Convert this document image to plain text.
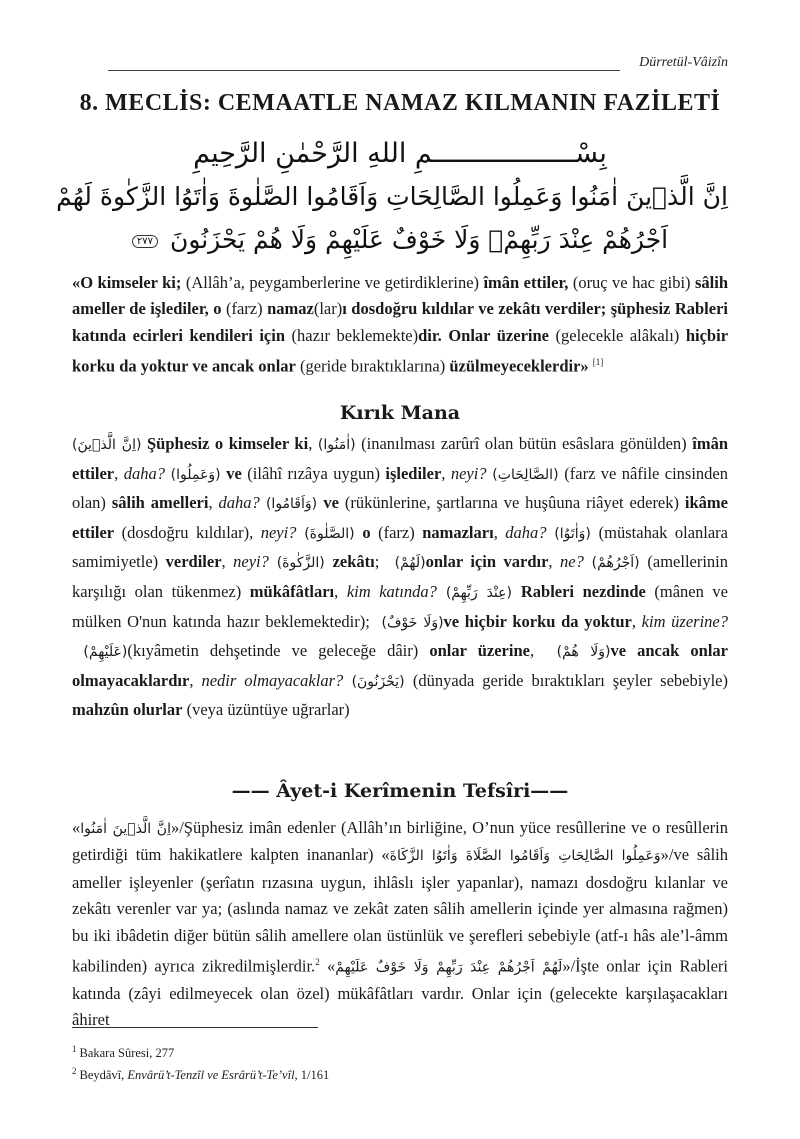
Dürretül-Vâizîn
8. MECLİS: CEMAATLE NAMAZ KILMANIN FAZİLETİ
بِسْــــــــــــــــــمِ اللهِ الرَّحْمٰنِ الرَّحِيمِ
اِنَّ الَّذ۪ينَ اٰمَنُوا وَعَمِلُوا الصَّالِحَاتِ وَاَقَامُوا الصَّلٰوةَ وَاٰتَوُا الزَّكٰوةَ لَهُمْ
اَجْرُهُمْ عِنْدَ رَبِّهِمْۚ وَلَا خَوْفٌ عَلَيْهِمْ وَلَا هُمْ يَحْزَنُونَ ٢٧٧
«O kimseler ki; (Allâh’a, peygamberlerine ve getirdiklerine) îmân ettiler, (oruç ve hac gibi) sâlih ameller de işlediler, o (farz) namaz(lar)ı dosdoğru kıldılar ve zekâtı verdiler; şüphesiz Rableri katında ecirleri kendileri için (hazır beklemekte)dir. Onlar üzerine (gelecekle alâkalı) hiçbir korku da yoktur ve ancak onlar (geride bıraktıklarına) üzülmeyeceklerdir» [1]
Kırık Mana
(اِنَّ الَّذ۪ينَ) Şüphesiz o kimseler ki, (اٰمَنُوا) (inanılması zarûrî olan bütün esâslara gönülden) îmân ettiler, daha? (وَعَمِلُوا) ve (ilâhî rızâya uygun) işlediler, neyi? (الصَّالِحَاتِ) (farz ve nâfile cinsinden olan) sâlih amelleri, daha? (وَاَقَامُوا) ve (rükünlerine, şartlarına ve huşûuna riâyet ederek) ikâme ettiler (dosdoğru kıldılar), neyi? (الصَّلٰوةَ) o (farz) namazları, daha? (وَاٰتَوُا) (müstahak olanlara samimiyetle) verdiler, neyi? (الزَّكٰوةَ) zekâtı; (لَهُمْ) onlar için vardır, ne? (اَجْرُهُمْ) (amellerinin karşılığı olan tükenmez) mükâfâtları, kim katında? (عِنْدَ رَبِّهِمْ) Rableri nezdinde (mânen ve mülken O'nun katında hazır beklemektedir); (وَلَا خَوْفٌ) ve hiçbir korku da yoktur, kim üzerine? (عَلَيْهِمْ) (kıyâmetin dehşetinde ve geleceğe dâir) onlar üzerine, (وَلَا هُمْ) ve ancak onlar olmayacaklardır, nedir olmayacaklar? (يَحْزَنُونَ) (dünyada geride bıraktıkları şeyler sebebiyle) mahzûn olurlar (veya üzüntüye uğrarlar)
—— Âyet-i Kerîmenin Tefsîri——
«اِنَّ الَّذ۪ينَ اٰمَنُوا»/Şüphesiz imân edenler (Allâh’ın birliğine, O’nun yüce resûllerine ve o resûllerin getirdiği tüm hakikatlere kalpten inananlar) «وَعَمِلُوا الصَّالِحَاتِ وَاَقَامُوا الصَّلَاةَ وَاٰتَوُا الزَّكَاةَ»/ve sâlih ameller işleyenler (şerîatın rızasına uygun, ihlâslı işler yapanlar), namazı dosdoğru kılanlar ve zekâtı verenler var ya; (aslında namaz ve zekât zaten sâlih amellerin içinde yer almasına rağmen) bu iki ibâdetin diğer bütün sâlih amellere olan üstünlük ve şerefleri sebebiyle (atf-ı hâs ale’l-âmm kabilinden) ayrıca zikredilmişlerdir.$^2$ «لَهُمْ اَجْرُهُمْ عِنْدَ رَبِّهِمْ وَلَا خَوْفٌ عَلَيْهِمْ»/İşte onlar için Rableri katında (zâyi edilmeyecek olan özel) mükâfâtları vardır. Onlar için (gelecekte karşılaşacakları âhiret
$^1$ Bakara Sûresi, 277
$^2$ Beydâvî, Envârü’t-Tenzîl ve Esrârü’t-Te’vîl, 1/161
